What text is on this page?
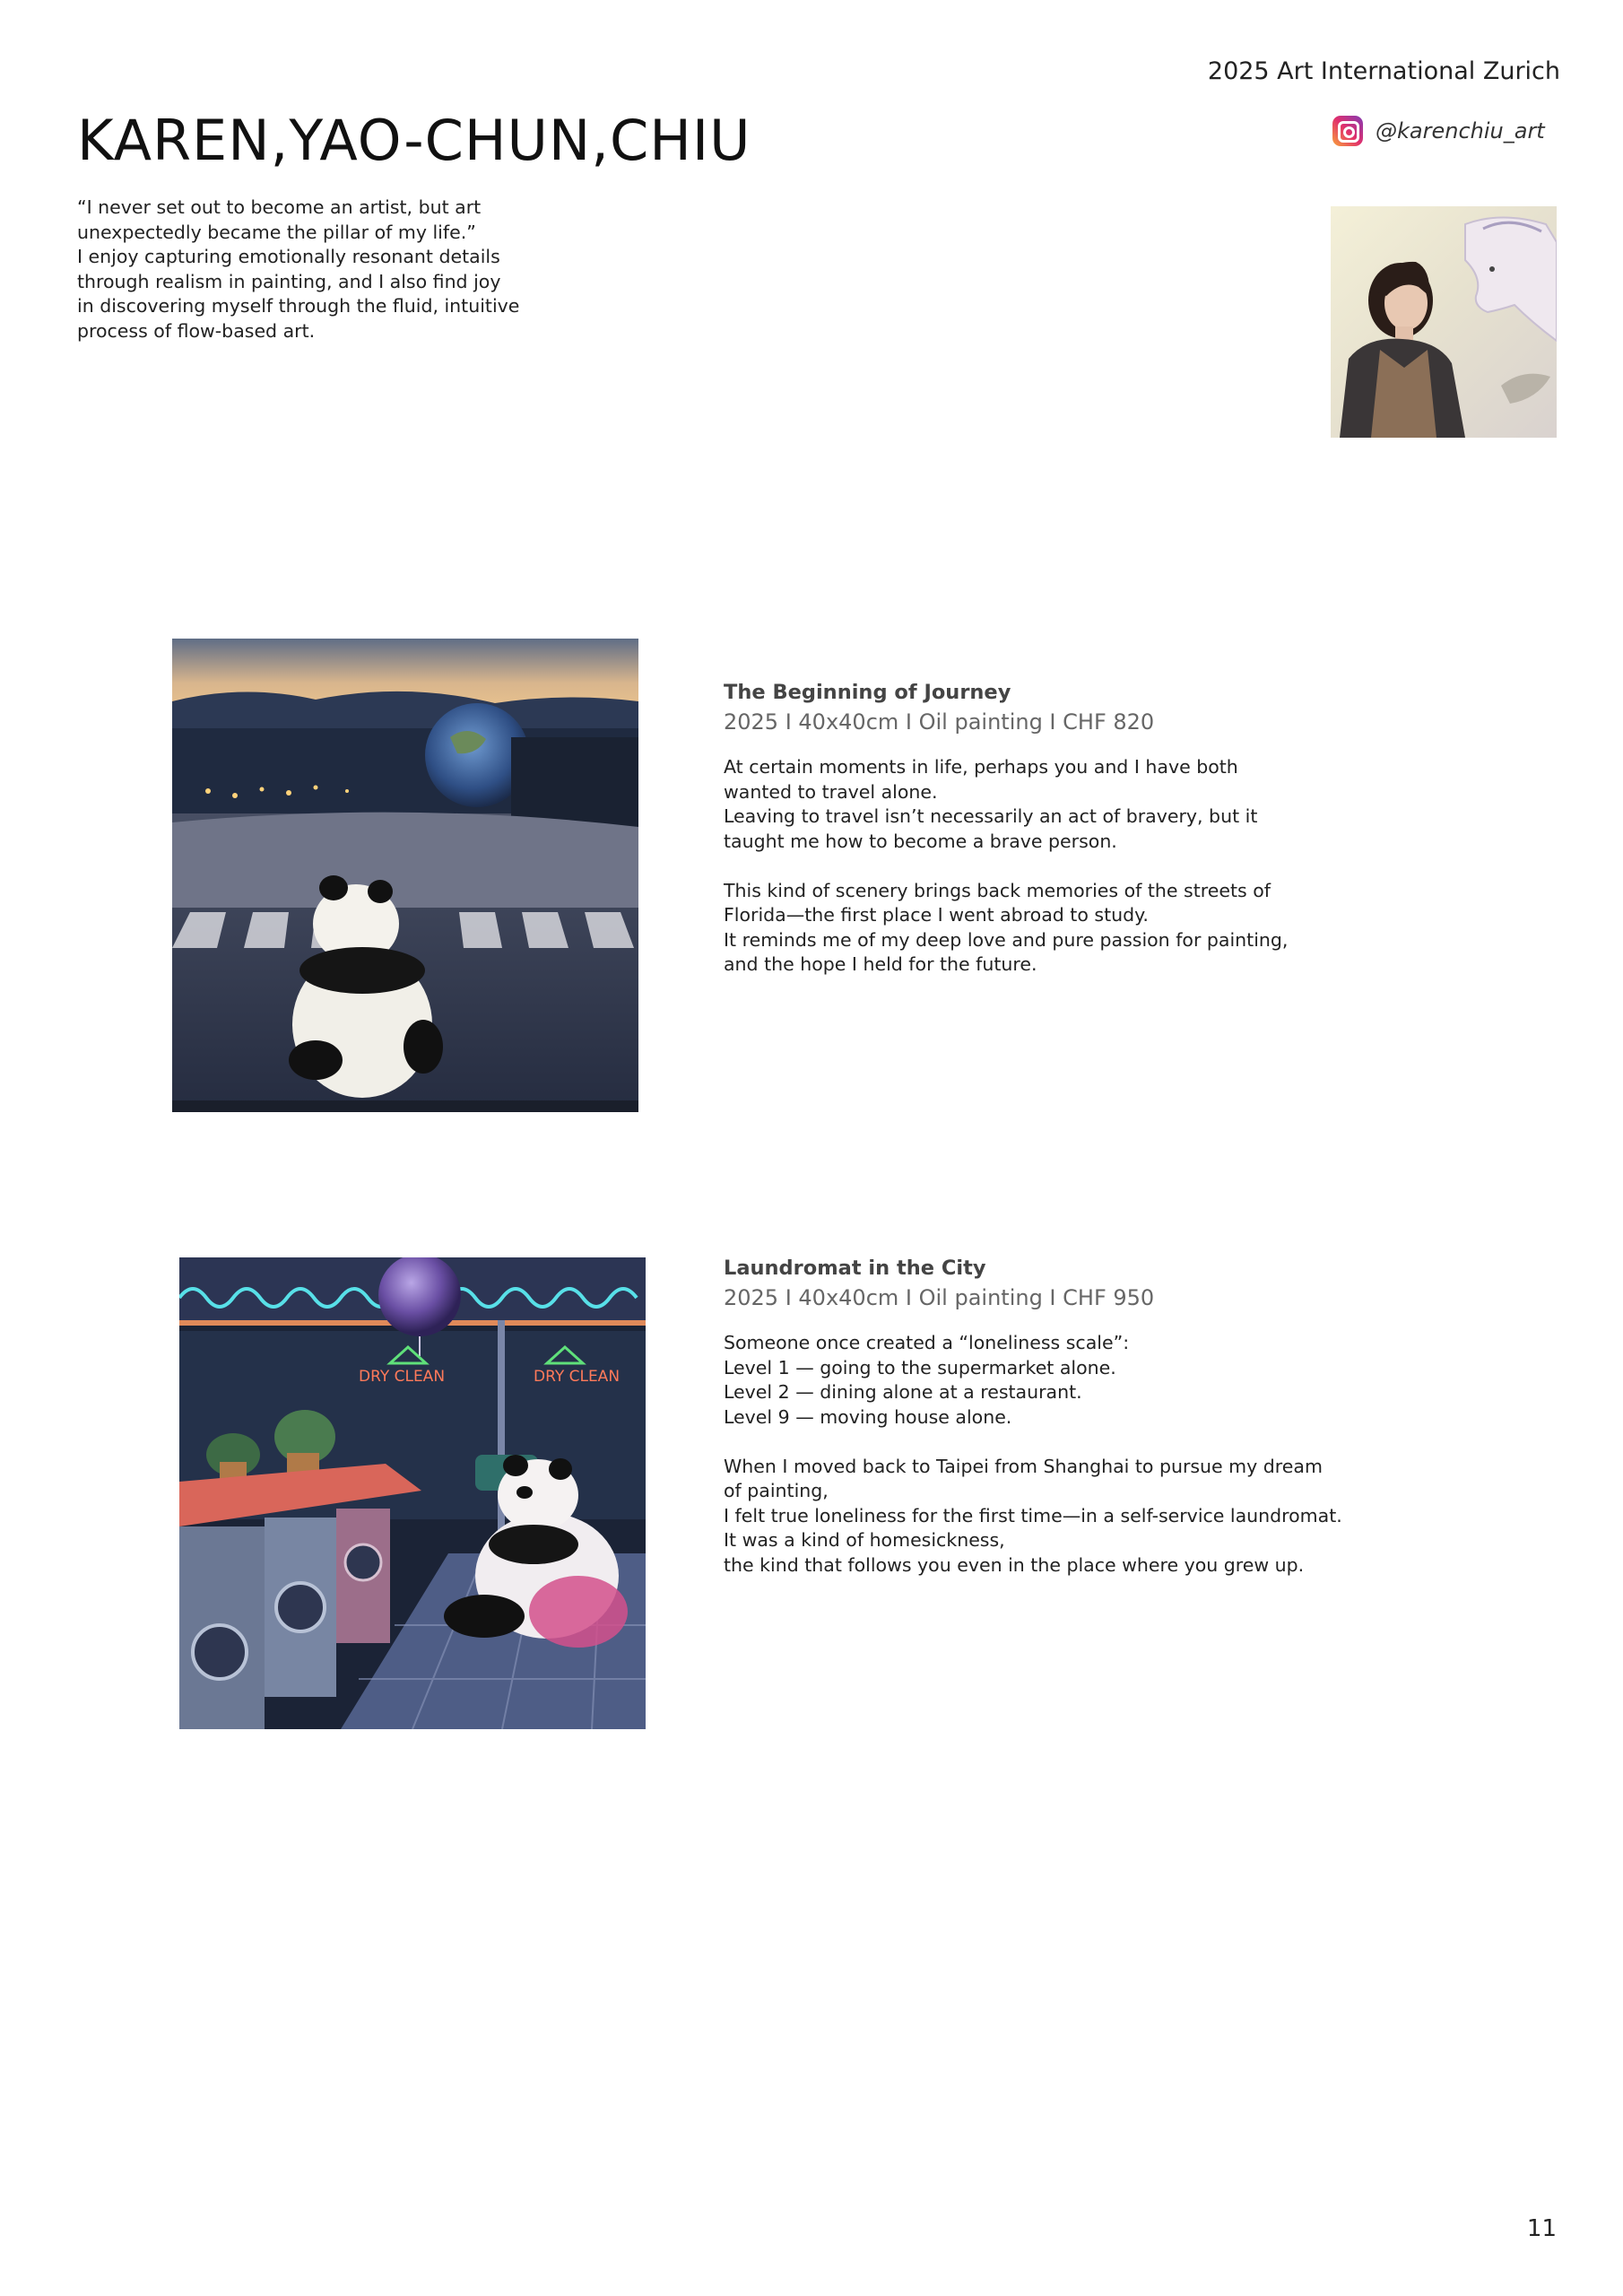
2025 Art International Zurich
KAREN,YAO-CHUN,CHIU	@karenchiu_art
“I never set out to become an artist, but art
unexpectedly became the pillar of my life.”
I enjoy capturing emotionally resonant details
through realism in painting, and I also find joy
in discovering myself through the fluid, intuitive
process of flow-based art.
The Beginning of Journey
2025 I 40x40cm I Oil painting I CHF 820
At certain moments in life, perhaps you and I have both
wanted to travel alone.
Leaving to travel isn’t necessarily an act of bravery, but it
taught me how to become a brave person.
This kind of scenery brings back memories of the streets of
Florida—the first place I went abroad to study.
It reminds me of my deep love and pure passion for painting,
and the hope I held for the future.
DRY CLEAN	DRY CLEAN
Laundromat in the City
2025 I 40x40cm I Oil painting I CHF 950
Someone once created a “loneliness scale”:
Level 1 — going to the supermarket alone.
Level 2 — dining alone at a restaurant.
Level 9 — moving house alone.
When I moved back to Taipei from Shanghai to pursue my dream
of painting,
I felt true loneliness for the first time—in a self-service laundromat.
It was a kind of homesickness,
the kind that follows you even in the place where you grew up.
11
